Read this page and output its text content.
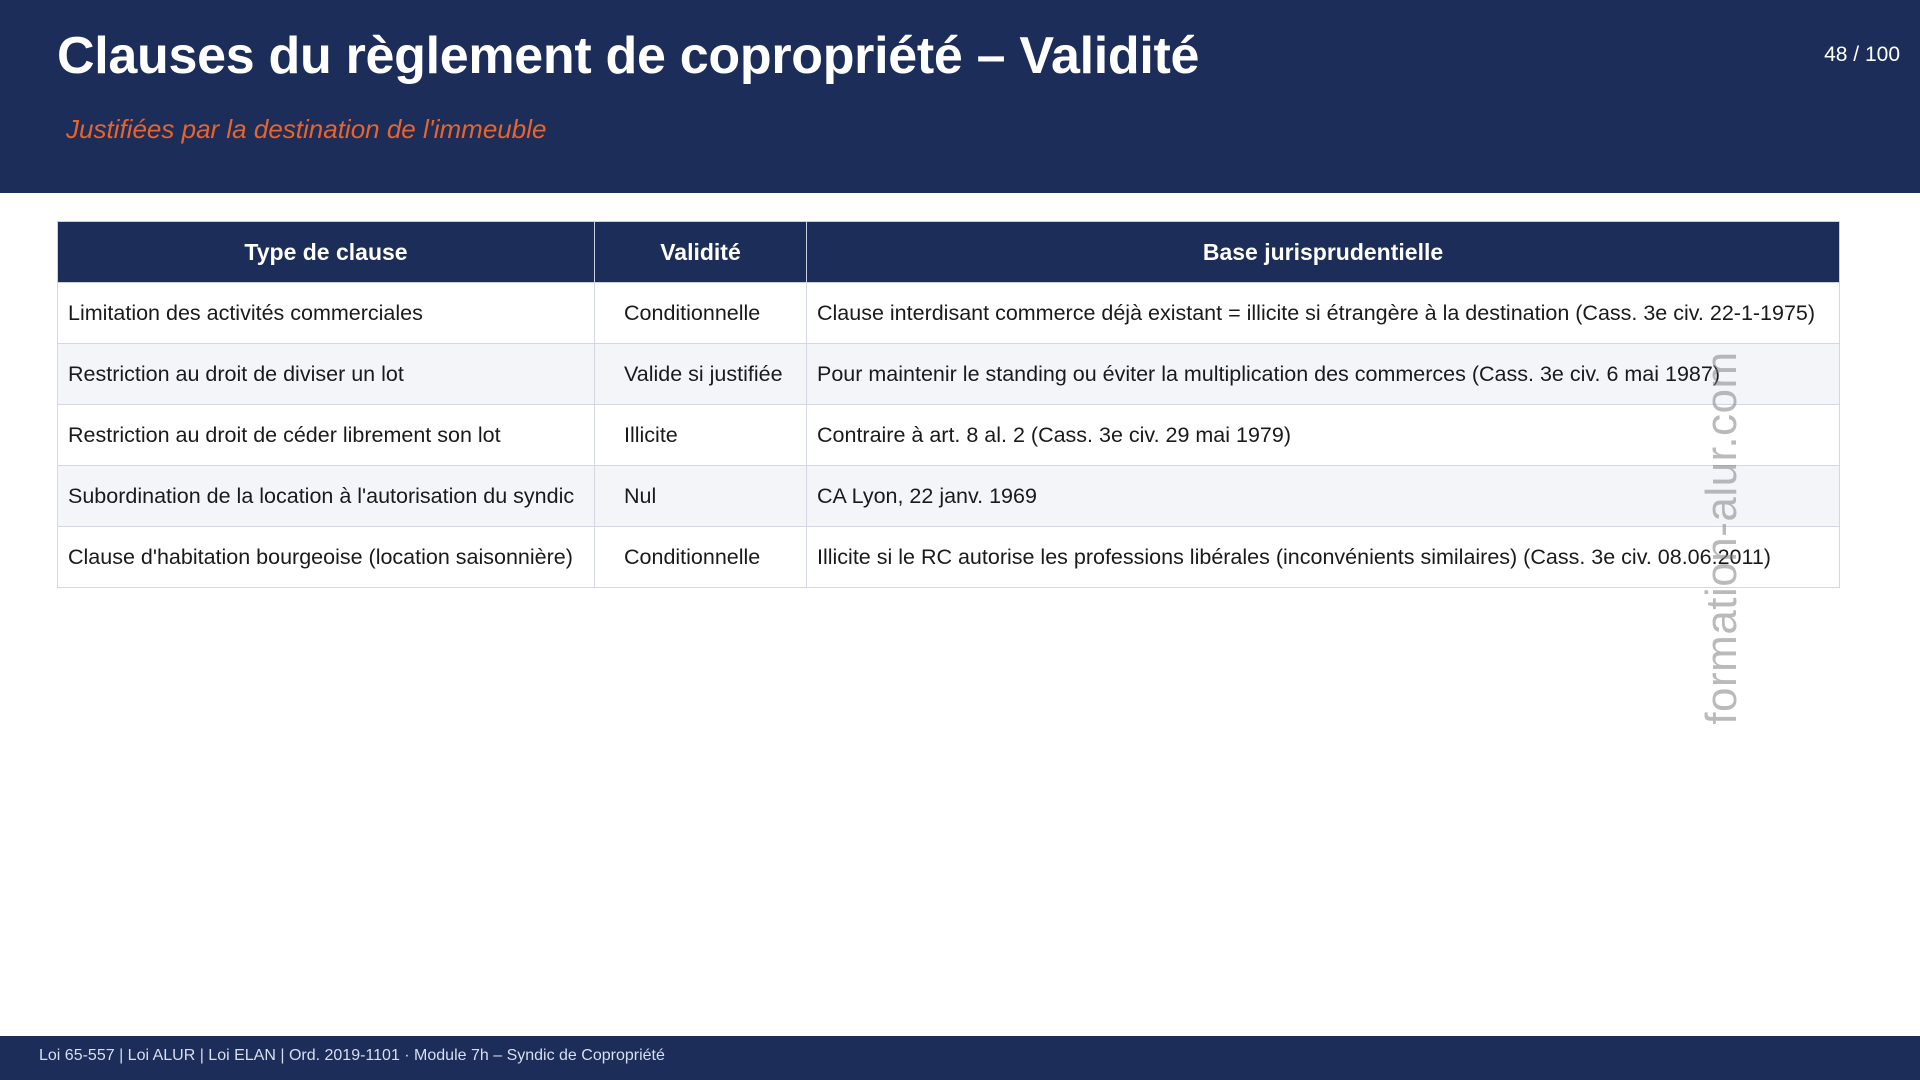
Clauses du règlement de copropriété – Validité
Justifiées par la destination de l'immeuble
48 / 100
Type de clause	Validité	Base jurisprudentielle
Limitation des activités commerciales	Conditionnelle	Clause interdisant commerce déjà existant = illicite si étrangère à la destination (Cass. 3e civ. 22-1-1975)
Restriction au droit de diviser un lot	Valide si justifiée	Pour maintenir le standing ou éviter la multiplication des commerces (Cass. 3e civ. 6 mai 1987)
Restriction au droit de céder librement son lot	Illicite	Contraire à art. 8 al. 2 (Cass. 3e civ. 29 mai 1979)
Subordination de la location à l'autorisation du syndic	Nul	CA Lyon, 22 janv. 1969
Clause d'habitation bourgeoise (location saisonnière)	Conditionnelle	Illicite si le RC autorise les professions libérales (inconvénients similaires) (Cass. 3e civ. 08.06.2011)
formation-alur.com
Loi 65-557 | Loi ALUR | Loi ELAN | Ord. 2019-1101 · Module 7h – Syndic de Copropriété
